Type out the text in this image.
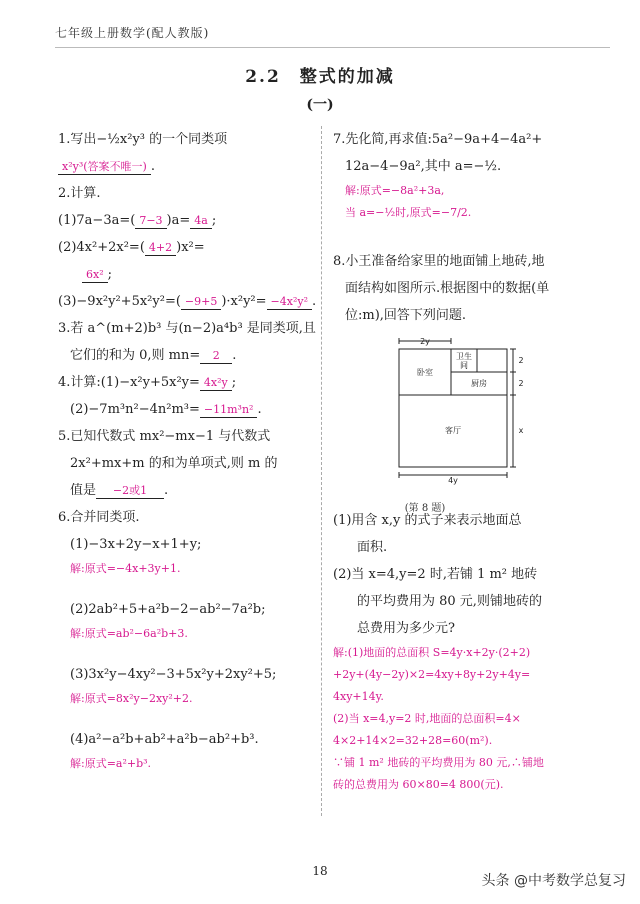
七年级上册数学(配人教版)
2.2　整式的加减
(一)
1.写出−½x²y³ 的一个同类项
x²y³(答案不唯一) .
2.计算.
(1)7a−3a=( 7−3 )a= 4a ;
(2)4x²+2x²=( 4+2 )x²=
6x² ;
(3)−9x²y²+5x²y²=( −9+5 )·x²y²= −4x²y² .
3.若 a^(m+2)b³ 与(n−2)a⁴b³ 是同类项,且
它们的和为 0,则 mn= 2 .
4.计算:(1)−x²y+5x²y= 4x²y ;
(2)−7m³n²−4n²m³= −11m³n² .
5.已知代数式 mx²−mx−1 与代数式
2x²+mx+m 的和为单项式,则 m 的
值是 −2或1 .
6.合并同类项.
(1)−3x+2y−x+1+y;
解:原式=−4x+3y+1.
(2)2ab²+5+a²b−2−ab²−7a²b;
解:原式=ab²−6a²b+3.
(3)3x²y−4xy²−3+5x²y+2xy²+5;
解:原式=8x²y−2xy²+2.
(4)a²−a²b+ab²+a²b−ab²+b³.
解:原式=a²+b³.
7.先化简,再求值:5a²−9a+4−4a²+
12a−4−9a²,其中 a=−½.
解:原式=−8a²+3a,
当 a=−½时,原式=−7/2.
8.小王准备给家里的地面铺上地砖,地
面结构如图所示.根据图中的数据(单
位:m),回答下列问题.
2y
卫生
间
卧室
厨房
客厅
2
2
x
4y
(第 8 题)
(1)用含 x,y 的式子来表示地面总
面积.
(2)当 x=4,y=2 时,若铺 1 m² 地砖
的平均费用为 80 元,则铺地砖的
总费用为多少元?
解:(1)地面的总面积 S=4y·x+2y·(2+2)
+2y+(4y−2y)×2=4xy+8y+2y+4y=
4xy+14y.
(2)当 x=4,y=2 时,地面的总面积=4×
4×2+14×2=32+28=60(m²).
∵铺 1 m² 地砖的平均费用为 80 元,∴铺地
砖的总费用为 60×80=4 800(元).
18
头条 @中考数学总复习
